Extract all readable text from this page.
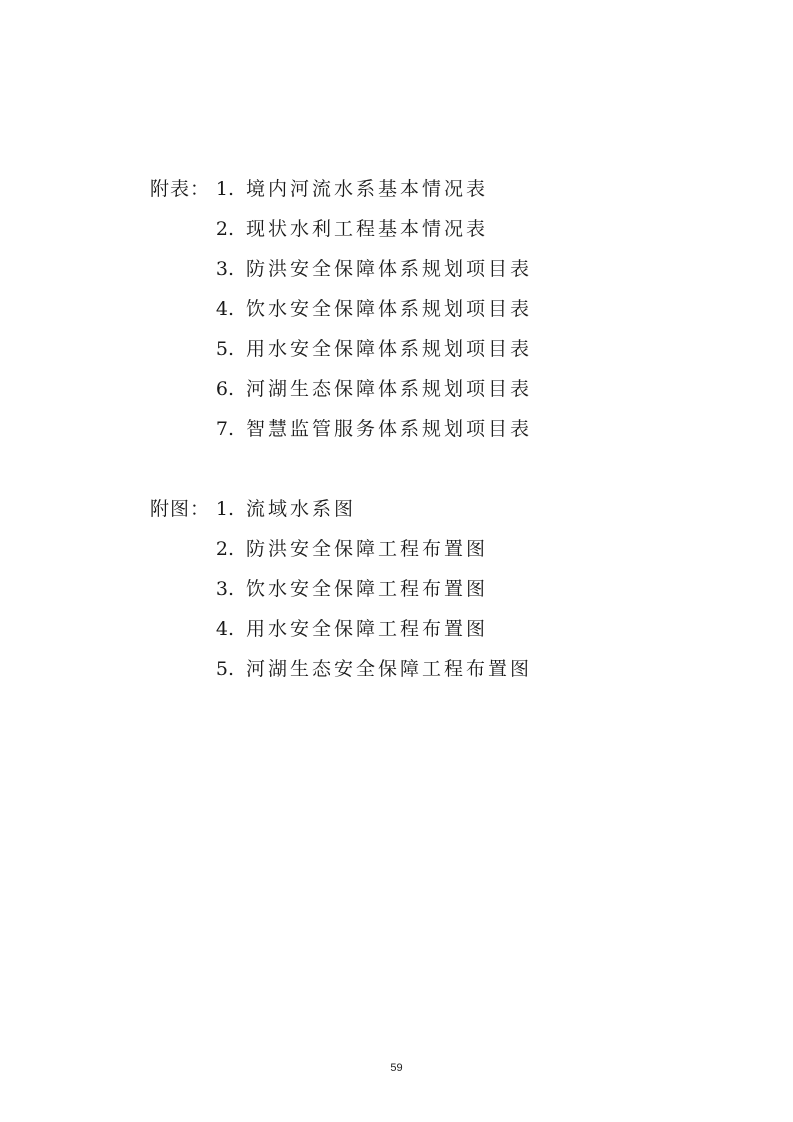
附表： 1. 境内河流水系基本情况表
2. 现状水利工程基本情况表
3. 防洪安全保障体系规划项目表
4. 饮水安全保障体系规划项目表
5. 用水安全保障体系规划项目表
6. 河湖生态保障体系规划项目表
7. 智慧监管服务体系规划项目表
附图： 1. 流域水系图
2. 防洪安全保障工程布置图
3. 饮水安全保障工程布置图
4. 用水安全保障工程布置图
5. 河湖生态安全保障工程布置图
59
